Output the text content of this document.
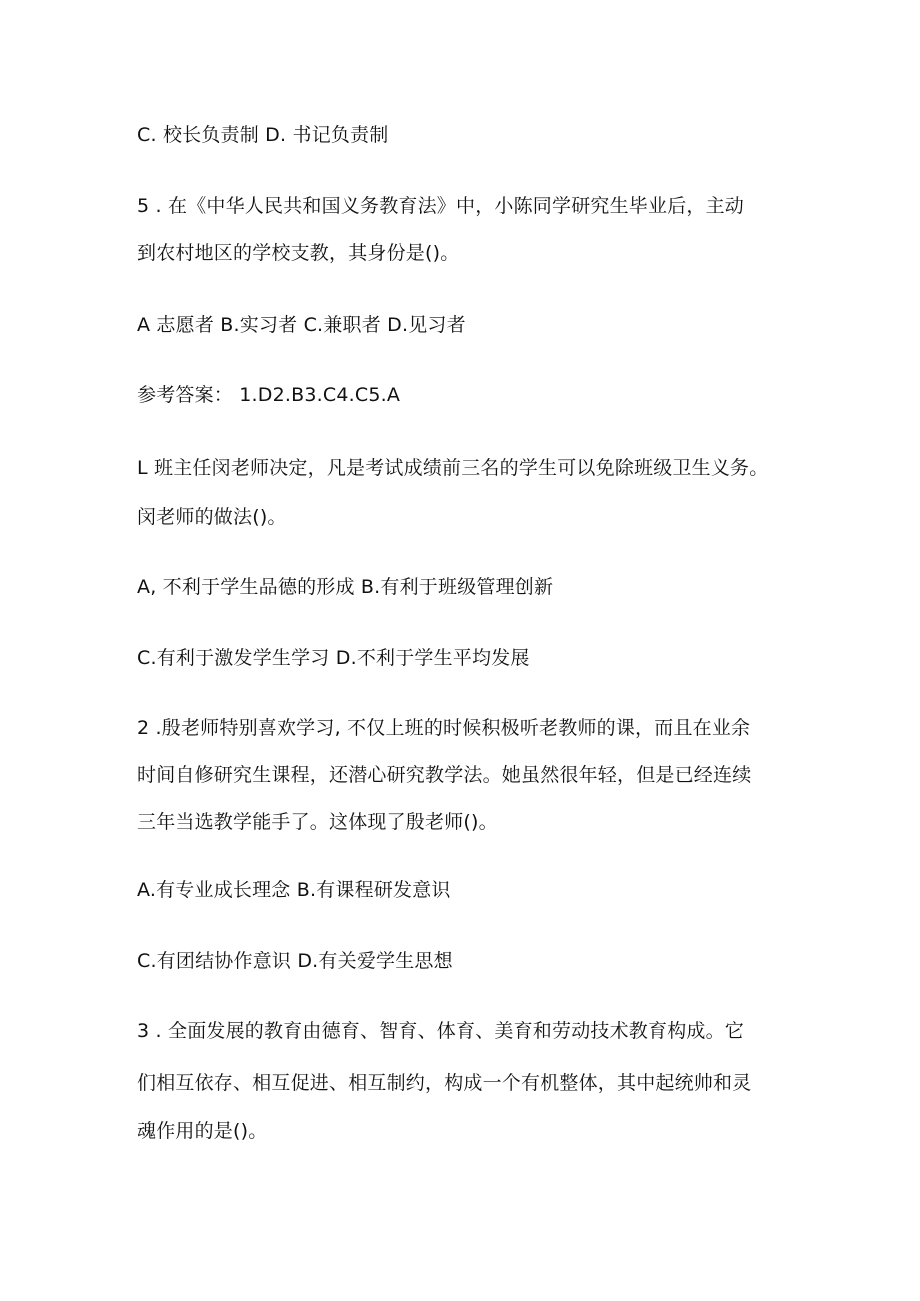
C. 校长负责制 D. 书记负责制
5 . 在《中华人民共和国义务教育法》中，小陈同学研究生毕业后，主动
到农村地区的学校支教，其身份是()。
A 志愿者 B.实习者 C.兼职者 D.见习者
参考答案： 1.D2.B3.C4.C5.A
L 班主任闵老师决定，凡是考试成绩前三名的学生可以免除班级卫生义务。
闵老师的做法()。
A, 不利于学生品德的形成 B.有利于班级管理创新
C.有利于激发学生学习 D.不利于学生平均发展
2 .殷老师特别喜欢学习, 不仅上班的时候积极听老教师的课，而且在业余
时间自修研究生课程，还潜心研究教学法。她虽然很年轻，但是已经连续
三年当选教学能手了。这体现了殷老师()。
A.有专业成长理念 B.有课程研发意识
C.有团结协作意识 D.有关爱学生思想
3 . 全面发展的教育由德育、智育、体育、美育和劳动技术教育构成。它
们相互依存、相互促进、相互制约，构成一个有机整体，其中起统帅和灵
魂作用的是()。
